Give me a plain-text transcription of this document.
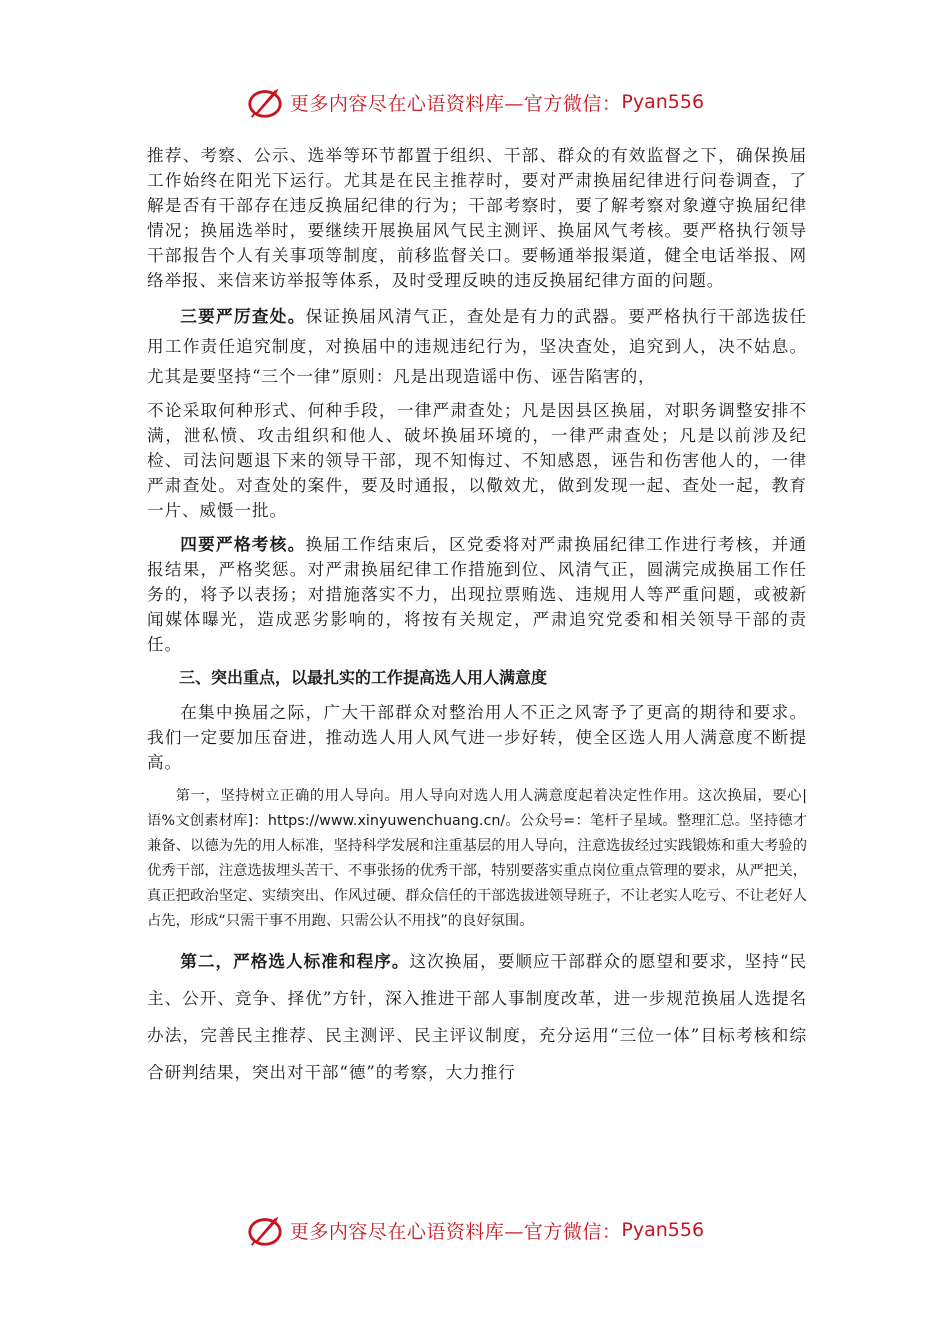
更多内容尽在心语资料库—官方微信： Pyan556

推荐、考察、公示、选举等环节都置于组织、干部、群众的有效监督之下，确保换届工作始终在阳光下运行。尤其是在民主推荐时，要对严肃换届纪律进行问卷调查，了解是否有干部存在违反换届纪律的行为；干部考察时，要了解考察对象遵守换届纪律情况；换届选举时，要继续开展换届风气民主测评、换届风气考核。要严格执行领导干部报告个人有关事项等制度，前移监督关口。要畅通举报渠道，健全电话举报、网络举报、来信来访举报等体系，及时受理反映的违反换届纪律方面的问题。

三要严厉查处。保证换届风清气正，查处是有力的武器。要严格执行干部选拔任用工作责任追究制度，对换届中的违规违纪行为，坚决查处，追究到人，决不姑息。尤其是要坚持“三个一律”原则：凡是出现造谣中伤、诬告陷害的，

不论采取何种形式、何种手段，一律严肃查处；凡是因县区换届，对职务调整安排不满，泄私愤、攻击组织和他人、破坏换届环境的，一律严肃查处；凡是以前涉及纪检、司法问题退下来的领导干部，现不知悔过、不知感恩，诬告和伤害他人的，一律严肃查处。对查处的案件，要及时通报，以儆效尤，做到发现一起、查处一起，教育一片、威慑一批。

四要严格考核。换届工作结束后，区党委将对严肃换届纪律工作进行考核，并通报结果，严格奖惩。对严肃换届纪律工作措施到位、风清气正，圆满完成换届工作任务的，将予以表扬；对措施落实不力，出现拉票贿选、违规用人等严重问题，或被新闻媒体曝光，造成恶劣影响的，将按有关规定，严肃追究党委和相关领导干部的责任。

三、突出重点，以最扎实的工作提高选人用人满意度

在集中换届之际，广大干部群众对整治用人不正之风寄予了更高的期待和要求。我们一定要加压奋进，推动选人用人风气进一步好转，使全区选人用人满意度不断提高。

第一，坚持树立正确的用人导向。用人导向对选人用人满意度起着决定性作用。这次换届，要心|语%文创素材库]：https://www.xinyuwenchuang.cn/。公众号=：笔杆子星域。整理汇总。坚持德才兼备、以德为先的用人标准，坚持科学发展和注重基层的用人导向，注意选拔经过实践锻炼和重大考验的优秀干部，注意选拔埋头苦干、不事张扬的优秀干部，特别要落实重点岗位重点管理的要求，从严把关，真正把政治坚定、实绩突出、作风过硬、群众信任的干部选拔进领导班子，不让老实人吃亏、不让老好人占先，形成“只需干事不用跑、只需公认不用找”的良好氛围。

第二，严格选人标准和程序。这次换届，要顺应干部群众的愿望和要求，坚持“民主、公开、竞争、择优”方针，深入推进干部人事制度改革，进一步规范换届人选提名办法，完善民主推荐、民主测评、民主评议制度，充分运用“三位一体”目标考核和综合研判结果，突出对干部“德”的考察，大力推行
更多内容尽在心语资料库—官方微信： Pyan556
